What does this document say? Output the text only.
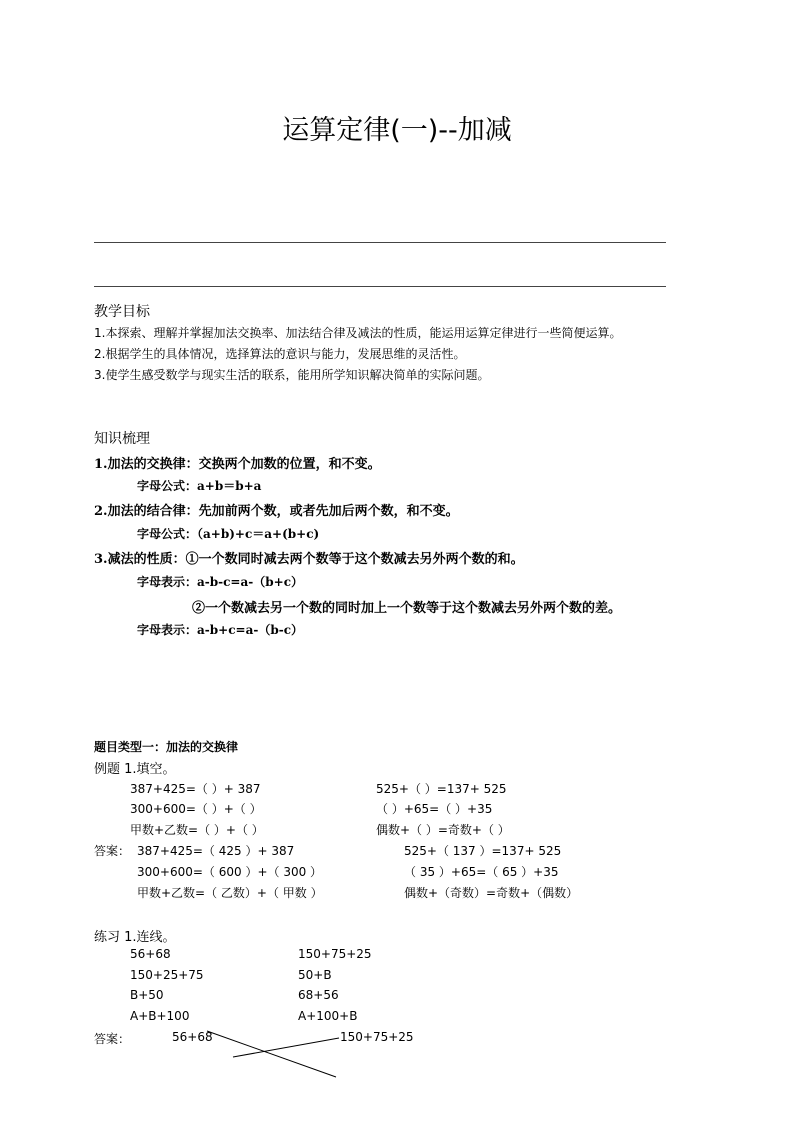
运算定律(一)--加减
教学目标
1.本探索、理解并掌握加法交换率、加法结合律及减法的性质，能运用运算定律进行一些简便运算。
2.根据学生的具体情况，选择算法的意识与能力，发展思维的灵活性。
3.使学生感受数学与现实生活的联系，能用所学知识解决简单的实际问题。
知识梳理
1.加法的交换律：交换两个加数的位置，和不变。
字母公式：a+b＝b+a
2.加法的结合律：先加前两个数，或者先加后两个数，和不变。
字母公式：（a+b)+c＝a+(b+c)
3.减法的性质：①一个数同时减去两个数等于这个数减去另外两个数的和。
字母表示：a-b-c=a-（b+c）
②一个数减去另一个数的同时加上一个数等于这个数减去另外两个数的差。
字母表示：a-b+c=a-（b-c）
题目类型一：加法的交换律
例题 1.填空。
387+425=（ ）+ 387	525+（ ）=137+ 525
300+600=（ ）+（ ）	（ ）+65=（ ）+35
甲数+乙数=（ ）+（ ）	偶数+（ ）=奇数+（ ）
答案： 387+425=（ 425 ）+ 387	525+（ 137 ）=137+ 525
300+600=（ 600 ）+（ 300 ）	（ 35 ）+65=（ 65 ）+35
甲数+乙数=（ 乙数）+（ 甲数 ）	偶数+（奇数）=奇数+（偶数）
练习 1.连线。
56+68	150+75+25
150+25+75	50+B
B+50	68+56
A+B+100	A+100+B
答案：	56+68	150+75+25
